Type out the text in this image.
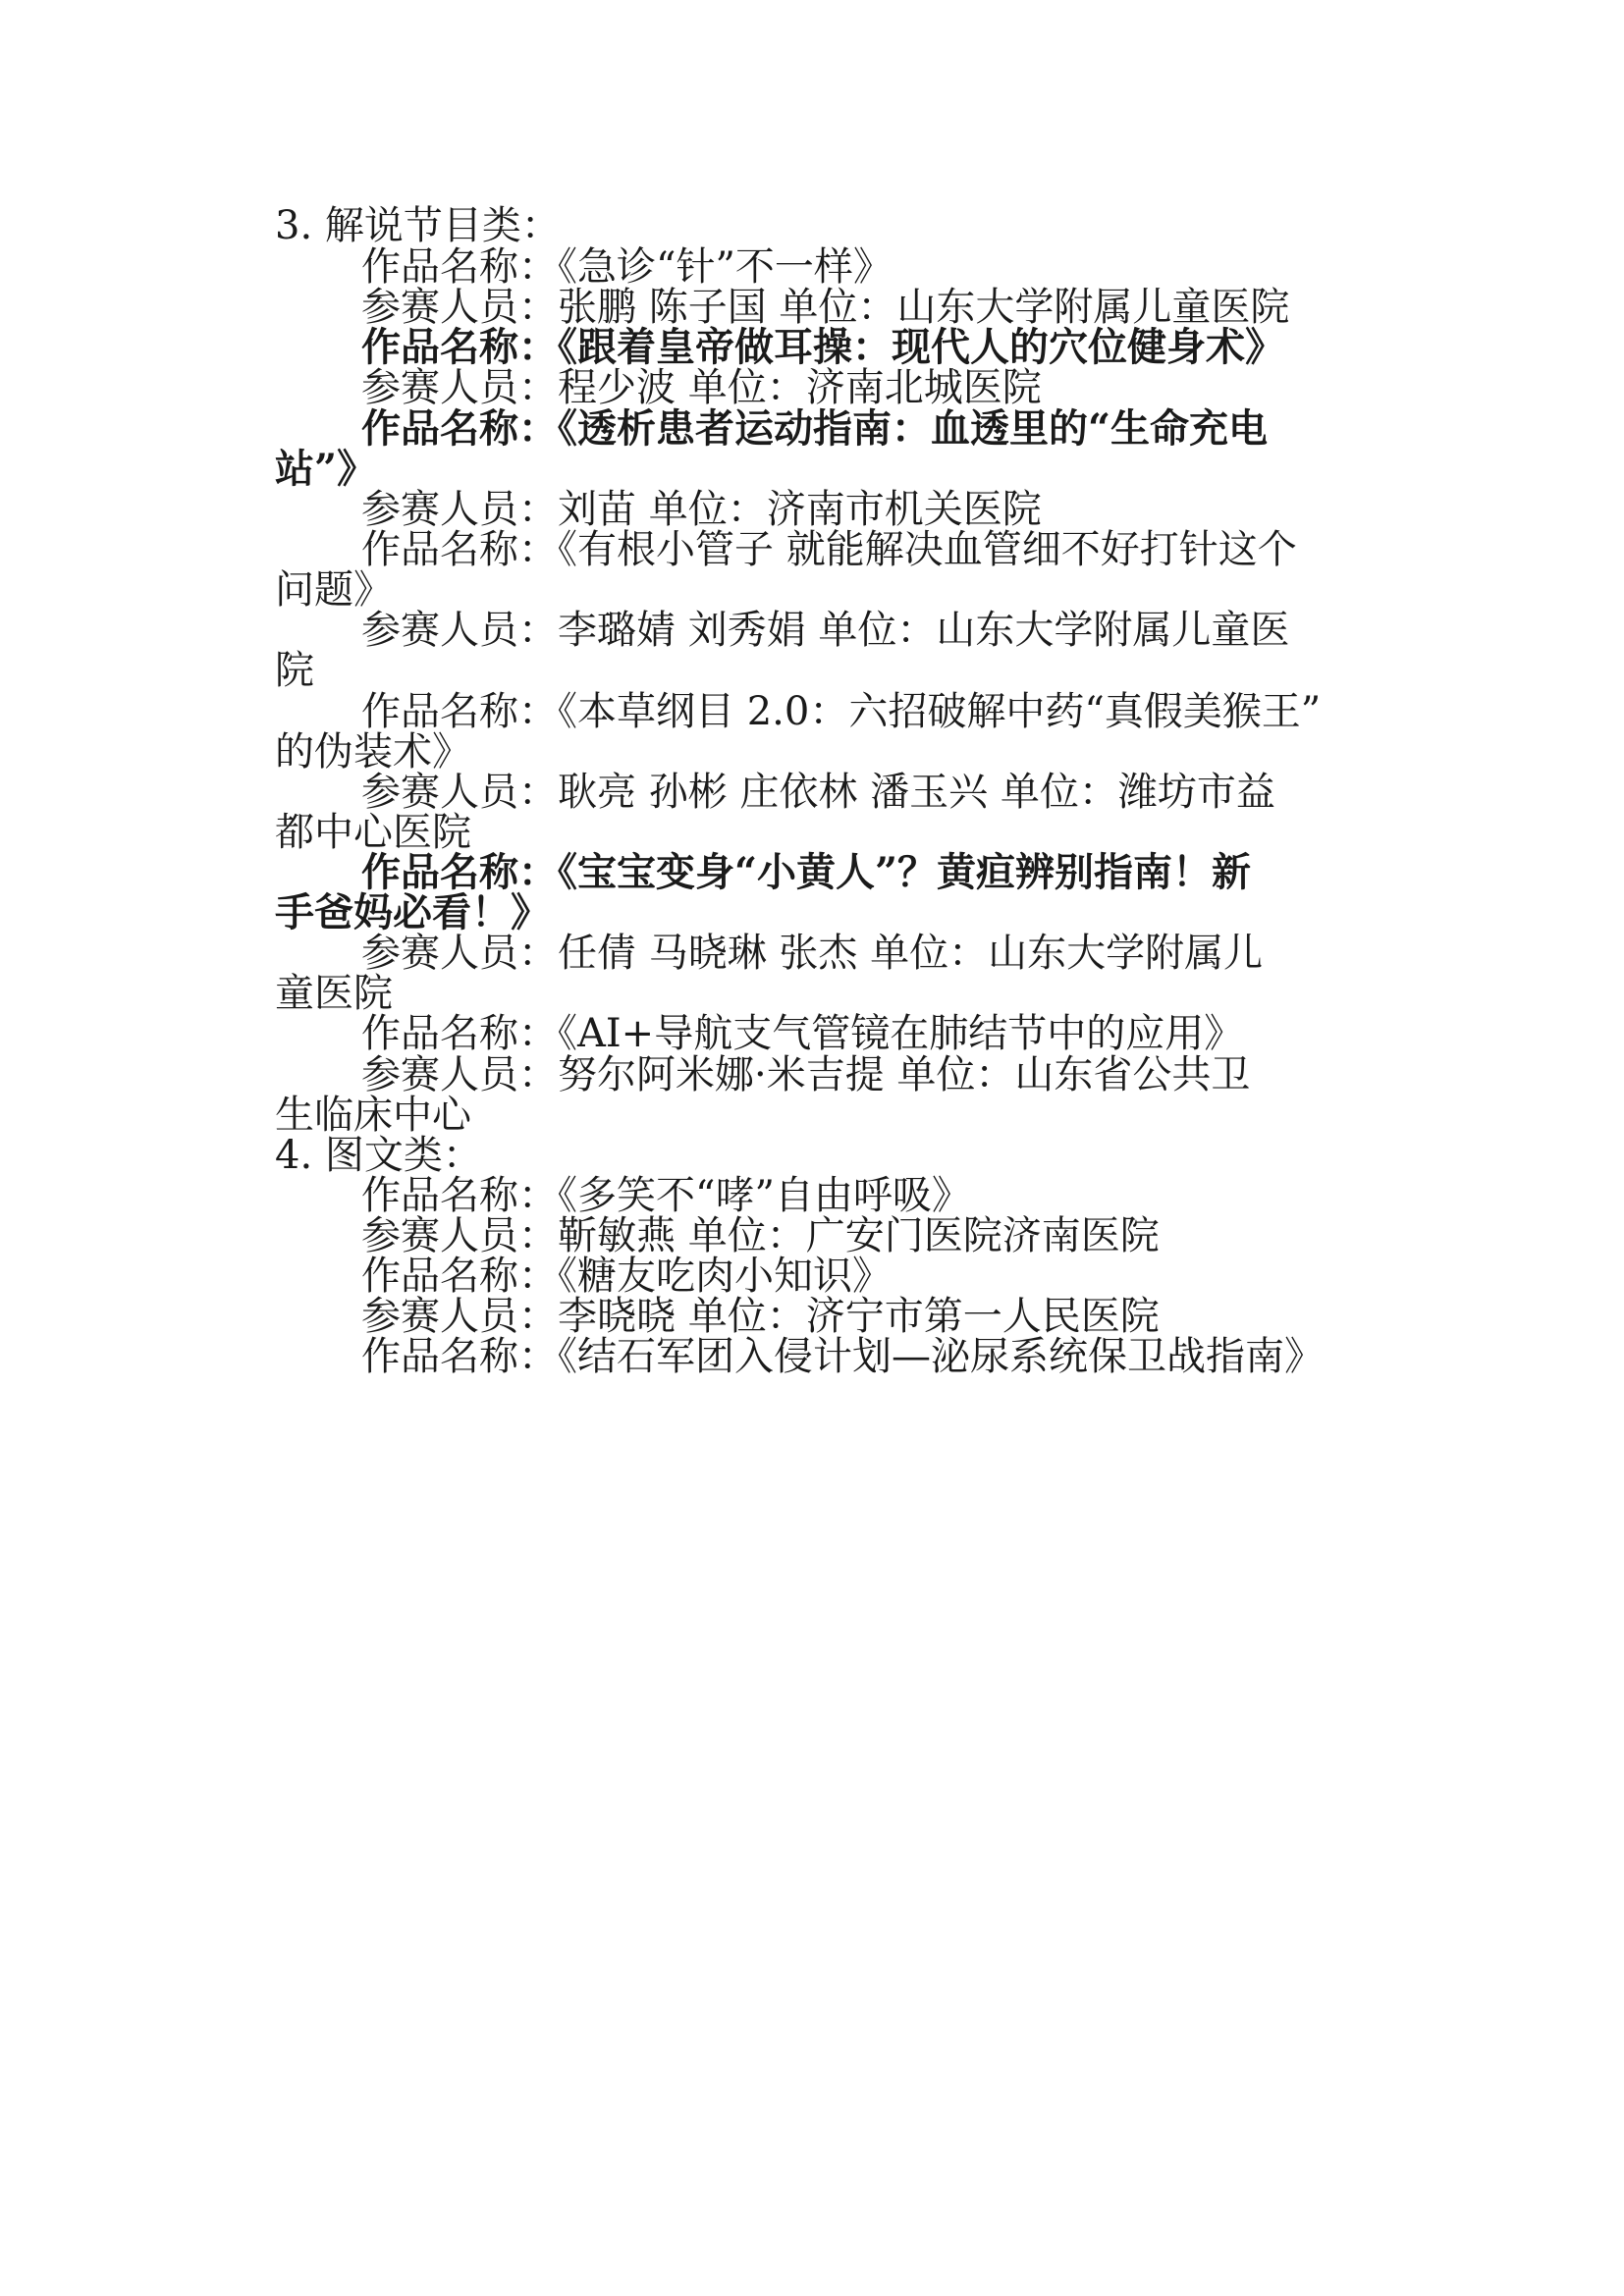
3. 解说节目类：
作品名称：《急诊“针”不一样》
参赛人员：张鹏 陈子国 单位：山东大学附属儿童医院
作品名称：《跟着皇帝做耳操：现代人的穴位健身术》
参赛人员：程少波 单位：济南北城医院
作品名称：《透析患者运动指南：血透里的“生命充电
站”》
参赛人员：刘苗 单位：济南市机关医院
作品名称：《有根小管子 就能解决血管细不好打针这个
问题》
参赛人员：李璐婧 刘秀娟 单位：山东大学附属儿童医
院
作品名称：《本草纲目 2.0：六招破解中药“真假美猴王”
的伪装术》
参赛人员：耿亮 孙彬 庄依林 潘玉兴 单位：潍坊市益
都中心医院
作品名称：《宝宝变身“小黄人”？黄疸辨别指南！新
手爸妈必看！》
参赛人员：任倩 马晓琳 张杰 单位：山东大学附属儿
童医院
作品名称：《AI+导航支气管镜在肺结节中的应用》
参赛人员：努尔阿米娜·米吉提 单位：山东省公共卫
生临床中心
4. 图文类：
作品名称：《多笑不“哮”自由呼吸》
参赛人员：靳敏燕 单位：广安门医院济南医院
作品名称：《糖友吃肉小知识》
参赛人员：李晓晓 单位：济宁市第一人民医院
作品名称：《结石军团入侵计划—泌尿系统保卫战指南》
